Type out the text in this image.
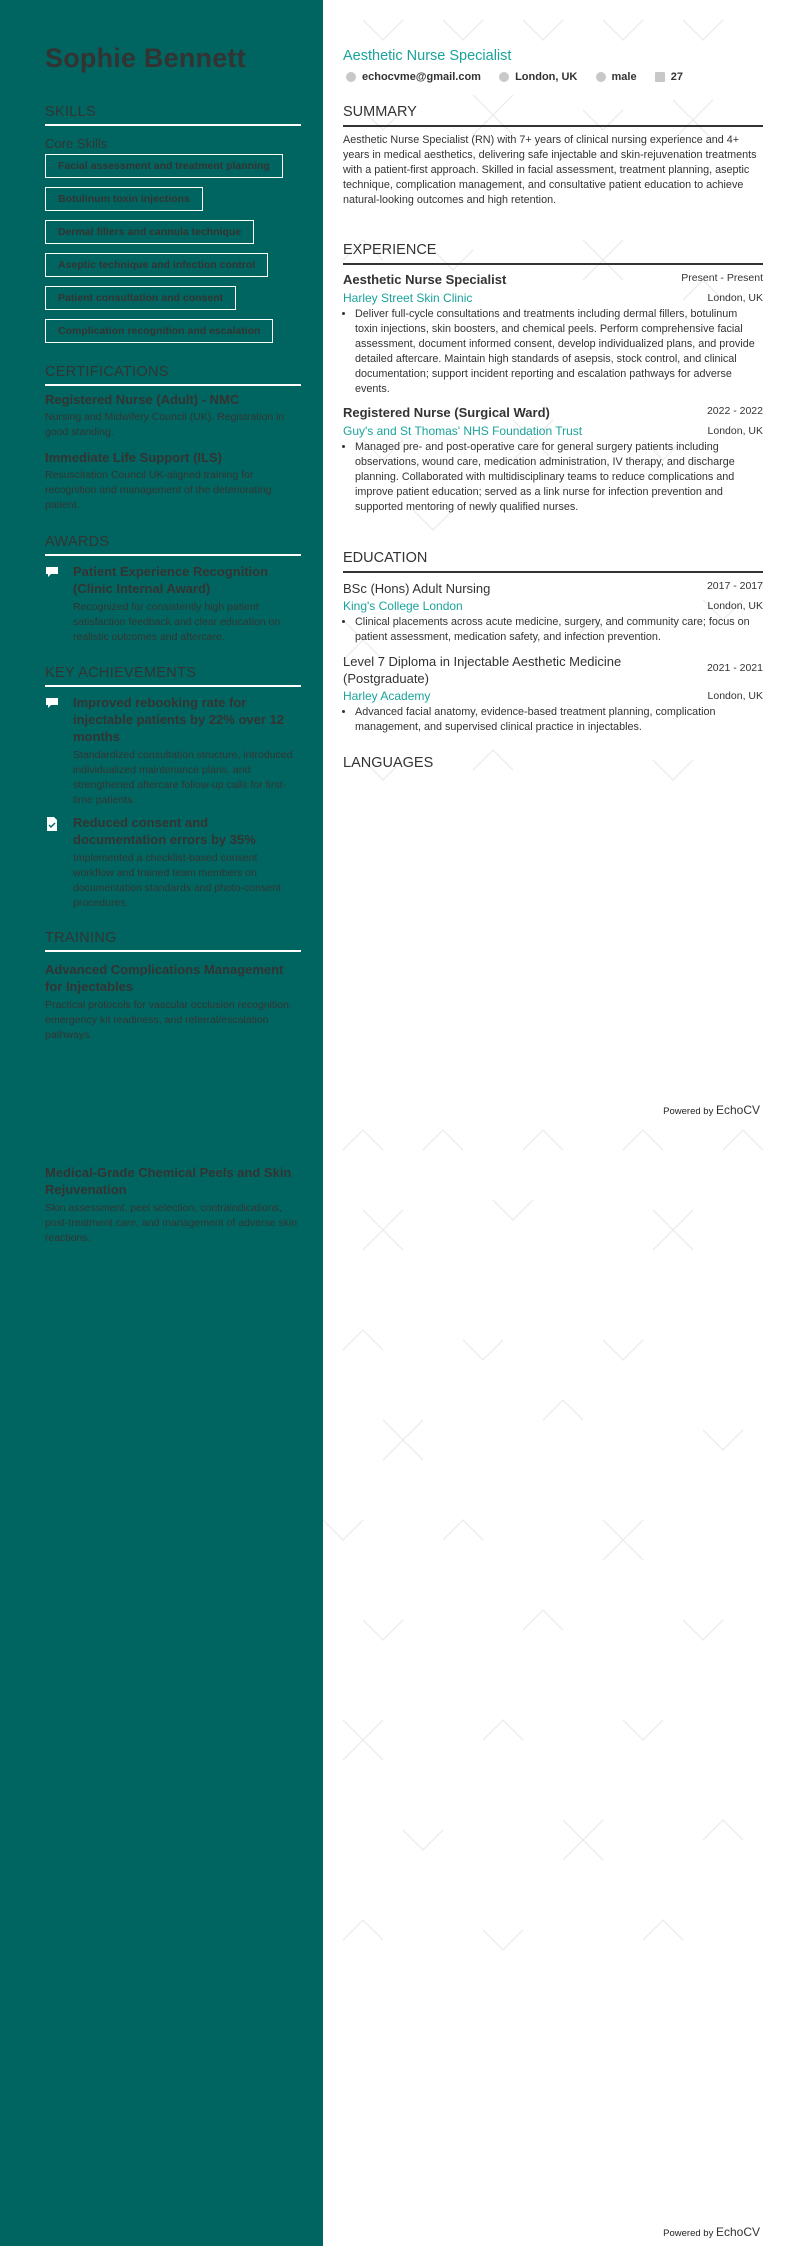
Sophie Bennett
SKILLS
Core Skills
Facial assessment and treatment planning
Botulinum toxin injections
Dermal fillers and cannula technique
Aseptic technique and infection control
Patient consultation and consent
Complication recognition and escalation
CERTIFICATIONS
Registered Nurse (Adult) - NMC
Nursing and Midwifery Council (UK). Registration in good standing.
Immediate Life Support (ILS)
Resuscitation Council UK-aligned training for recognition and management of the deteriorating patient.
AWARDS
Patient Experience Recognition (Clinic Internal Award)
Recognized for consistently high patient satisfaction feedback and clear education on realistic outcomes and aftercare.
KEY ACHIEVEMENTS
Improved rebooking rate for injectable patients by 22% over 12 months
Standardized consultation structure, introduced individualized maintenance plans, and strengthened aftercare follow-up calls for first-time patients.
Reduced consent and documentation errors by 35%
Implemented a checklist-based consent workflow and trained team members on documentation standards and photo-consent procedures.
TRAINING
Advanced Complications Management for Injectables
Practical protocols for vascular occlusion recognition, emergency kit readiness, and referral/escalation pathways.
Medical-Grade Chemical Peels and Skin Rejuvenation
Skin assessment, peel selection, contraindications, post-treatment care, and management of adverse skin reactions.
Aesthetic Nurse Specialist
echocvme@gmail.com	London, UK	male	27
SUMMARY
Aesthetic Nurse Specialist (RN) with 7+ years of clinical nursing experience and 4+ years in medical aesthetics, delivering safe injectable and skin-rejuvenation treatments with a patient-first approach. Skilled in facial assessment, treatment planning, aseptic technique, complication management, and consultative patient education to achieve natural-looking outcomes and high retention.
EXPERIENCE
Aesthetic Nurse Specialist	Present - Present
Harley Street Skin Clinic	London, UK
• Deliver full-cycle consultations and treatments including dermal fillers, botulinum toxin injections, skin boosters, and chemical peels. Perform comprehensive facial assessment, document informed consent, develop individualized plans, and provide detailed aftercare. Maintain high standards of asepsis, stock control, and clinical documentation; support incident reporting and escalation pathways for adverse events.
Registered Nurse (Surgical Ward)	2022 - 2022
Guy's and St Thomas' NHS Foundation Trust	London, UK
• Managed pre- and post-operative care for general surgery patients including observations, wound care, medication administration, IV therapy, and discharge planning. Collaborated with multidisciplinary teams to reduce complications and improve patient education; served as a link nurse for infection prevention and supported mentoring of newly qualified nurses.
EDUCATION
BSc (Hons) Adult Nursing	2017 - 2017
King's College London	London, UK
• Clinical placements across acute medicine, surgery, and community care; focus on patient assessment, medication safety, and infection prevention.
Level 7 Diploma in Injectable Aesthetic Medicine (Postgraduate)
2021 - 2021
Harley Academy	London, UK
• Advanced facial anatomy, evidence-based treatment planning, complication management, and supervised clinical practice in injectables.
LANGUAGES
Powered by EchoCV
Powered by EchoCV
